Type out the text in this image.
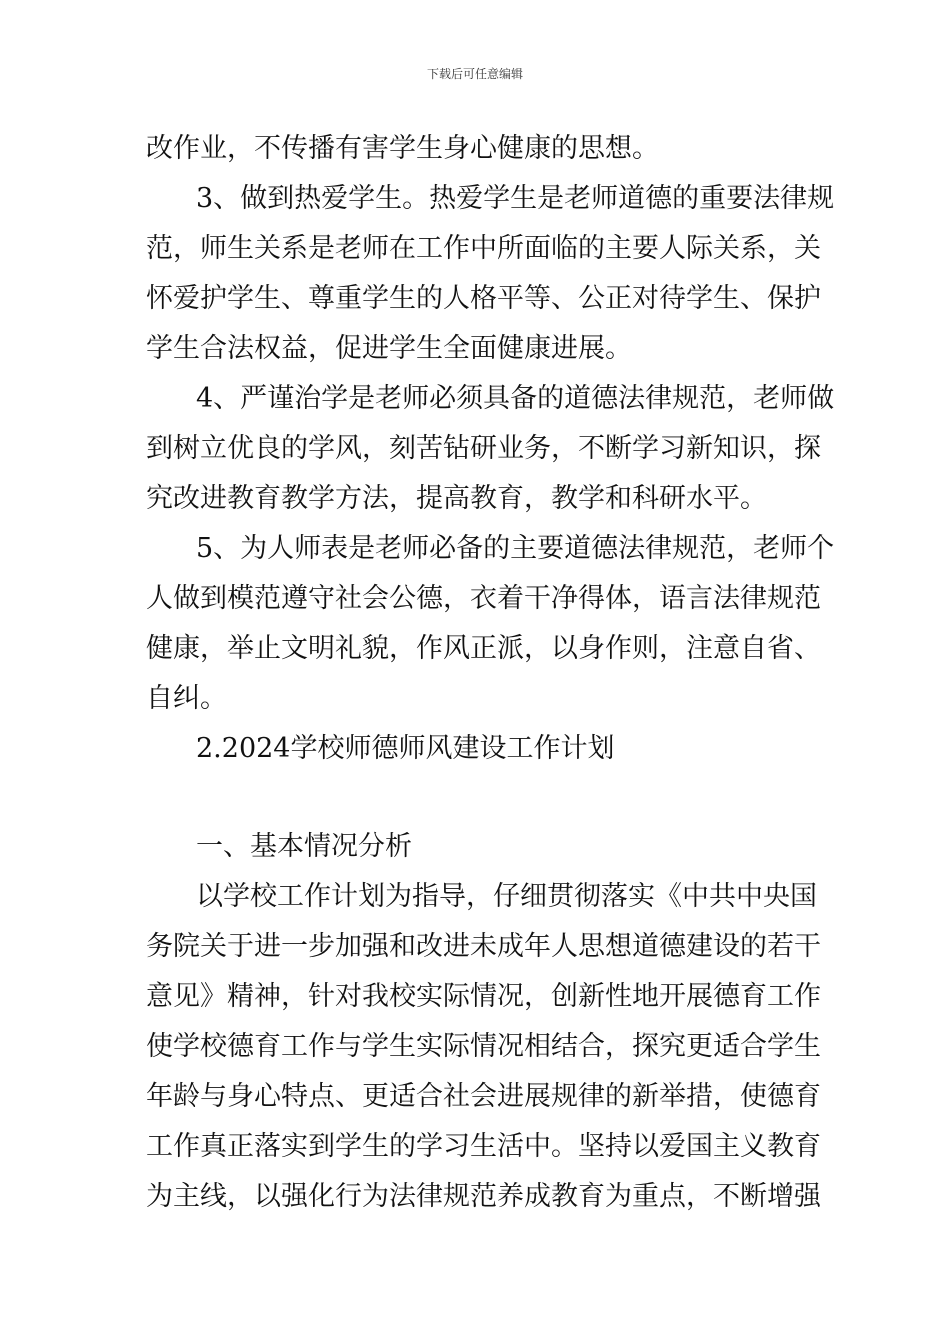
下载后可任意编辑
改作业，不传播有害学生身心健康的思想。
3、做到热爱学生。热爱学生是老师道德的重要法律规
范，师生关系是老师在工作中所面临的主要人际关系，关
怀爱护学生、尊重学生的人格平等、公正对待学生、保护
学生合法权益，促进学生全面健康进展。
4、严谨治学是老师必须具备的道德法律规范，老师做
到树立优良的学风，刻苦钻研业务，不断学习新知识，探
究改进教育教学方法，提高教育，教学和科研水平。
5、为人师表是老师必备的主要道德法律规范，老师个
人做到模范遵守社会公德，衣着干净得体，语言法律规范
健康，举止文明礼貌，作风正派，以身作则，注意自省、
自纠。
2.2024学校师德师风建设工作计划
一、基本情况分析
以学校工作计划为指导，仔细贯彻落实《中共中央国
务院关于进一步加强和改进未成年人思想道德建设的若干
意见》精神，针对我校实际情况，创新性地开展德育工作
使学校德育工作与学生实际情况相结合，探究更适合学生
年龄与身心特点、更适合社会进展规律的新举措，使德育
工作真正落实到学生的学习生活中。坚持以爱国主义教育
为主线，以强化行为法律规范养成教育为重点，不断增强
